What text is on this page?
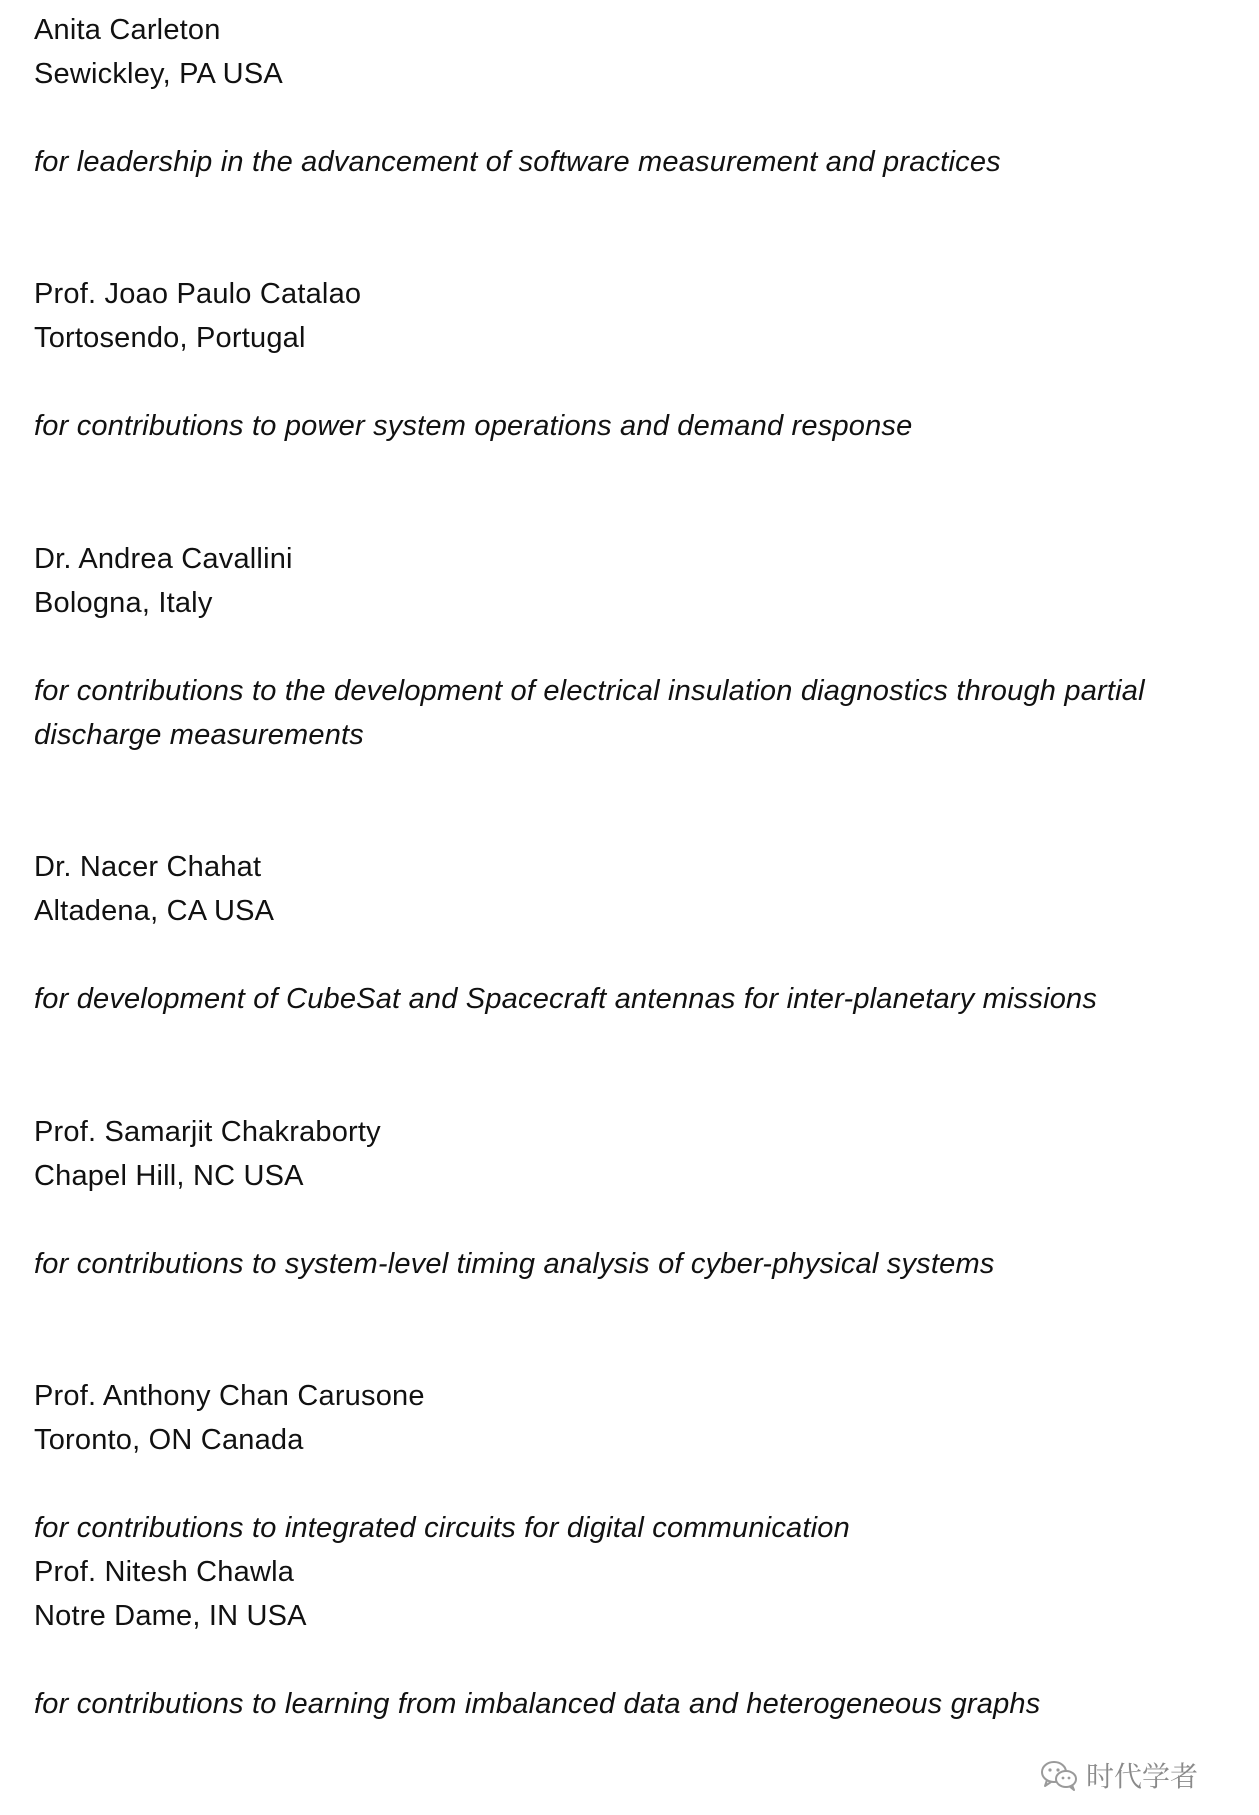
Anita Carleton
Sewickley, PA USA
for leadership in the advancement of software measurement and practices
Prof. Joao Paulo Catalao
Tortosendo, Portugal
for contributions to power system operations and demand response
Dr. Andrea Cavallini
Bologna, Italy
for contributions to the development of electrical insulation diagnostics through partial
discharge measurements
Dr. Nacer Chahat
Altadena, CA USA
for development of CubeSat and Spacecraft antennas for inter-planetary missions
Prof. Samarjit Chakraborty
Chapel Hill, NC USA
for contributions to system-level timing analysis of cyber-physical systems
Prof. Anthony Chan Carusone
Toronto, ON Canada
for contributions to integrated circuits for digital communication
Prof. Nitesh Chawla
Notre Dame, IN USA
for contributions to learning from imbalanced data and heterogeneous graphs
时代学者
